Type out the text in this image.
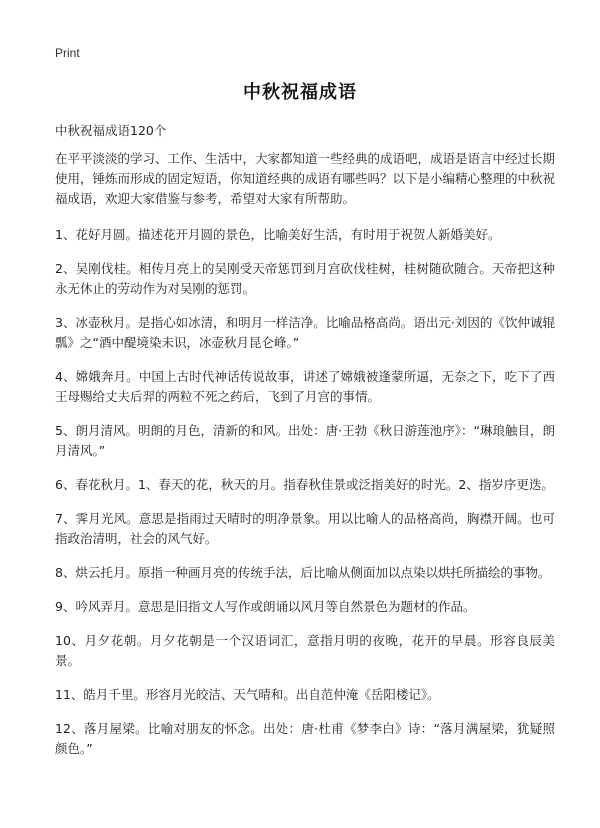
Print
中秋祝福成语
中秋祝福成语120个

在平平淡淡的学习、工作、生活中，大家都知道一些经典的成语吧，成语是语言中经过长期使用，锤炼而形成的固定短语，你知道经典的成语有哪些吗？以下是小编精心整理的中秋祝福成语，欢迎大家借鉴与参考，希望对大家有所帮助。

1、花好月圆。描述花开月圆的景色，比喻美好生活，有时用于祝贺人新婚美好。

2、吴刚伐桂。相传月亮上的吴刚受天帝惩罚到月宫砍伐桂树，桂树随砍随合。天帝把这种永无休止的劳动作为对吴刚的惩罚。

3、冰壶秋月。是指心如冰清，和明月一样洁净。比喻品格高尚。语出元·刘因的《饮仲诚辊瓢》之“酒中醍境染未识，冰壶秋月昆仑峰。”

4、嫦娥奔月。中国上古时代神话传说故事，讲述了嫦娥被逢蒙所逼，无奈之下，吃下了西王母赐给丈夫后羿的两粒不死之药后，飞到了月宫的事情。

5、朗月清风。明朗的月色，清新的和风。出处：唐·王勃《秋日游莲池序》：“琳琅触目，朗月清风。”

6、春花秋月。1、春天的花，秋天的月。指春秋佳景或泛指美好的时光。2、指岁序更迭。

7、霁月光风。意思是指雨过天晴时的明净景象。用以比喻人的品格高尚，胸襟开阔。也可指政治清明，社会的风气好。

8、烘云托月。原指一种画月亮的传统手法，后比喻从侧面加以点染以烘托所描绘的事物。

9、吟风弄月。意思是旧指文人写作或朗诵以风月等自然景色为题材的作品。

10、月夕花朝。月夕花朝是一个汉语词汇，意指月明的夜晚，花开的早晨。形容良辰美景。

11、皓月千里。形容月光皎洁、天气晴和。出自范仲淹《岳阳楼记》。

12、落月屋梁。比喻对朋友的怀念。出处：唐·杜甫《梦李白》诗：“落月满屋梁，犹疑照颜色。”
